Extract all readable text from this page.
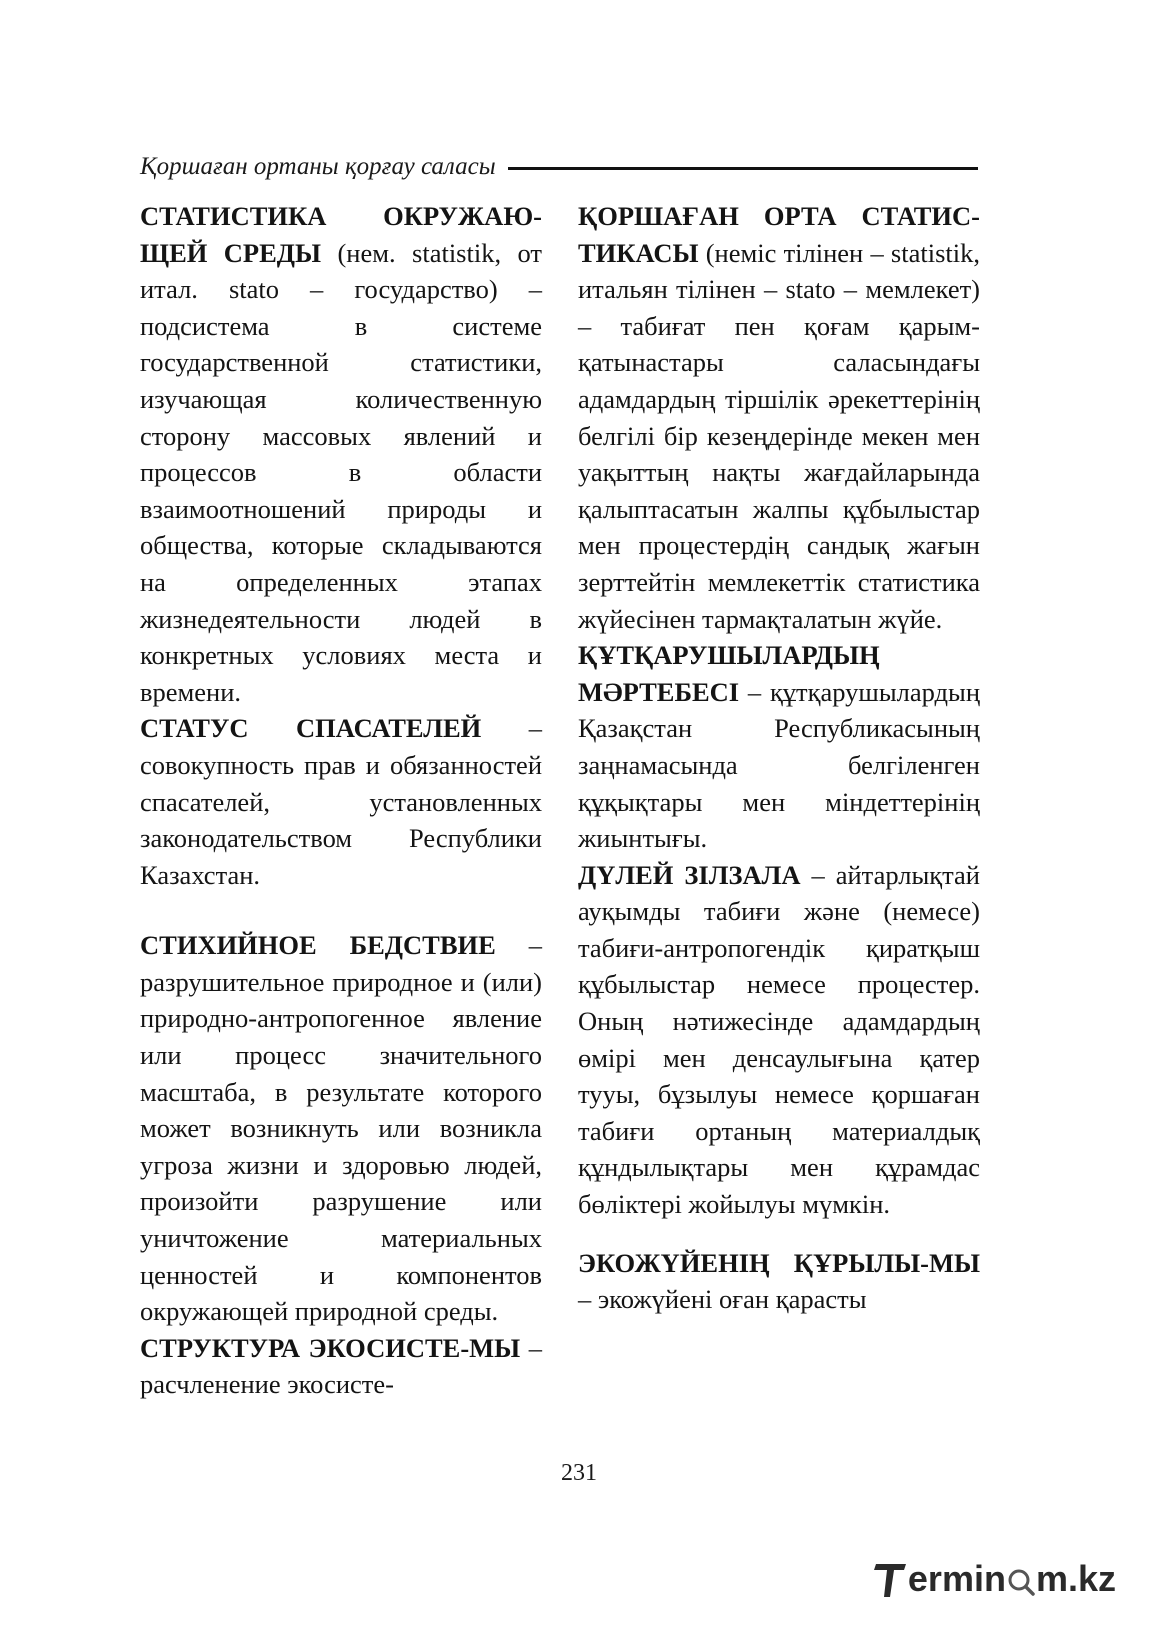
Қоршаған ортаны қорғау саласы

СТАТИСТИКА ОКРУЖАЮ-ЩЕЙ СРЕДЫ (нем. statistik, от итал. stato – государство) – подсистема в системе государственной статистики, изучающая количественную сторону массовых явлений и процессов в области взаимоотношений природы и общества, которые складываются на определенных этапах жизнедеятельности людей в конкретных условиях места и времени.

СТАТУС СПАСАТЕЛЕЙ – совокупность прав и обязанностей спасателей, установленных законодательством Республики Казахстан.

СТИХИЙНОЕ БЕДСТВИЕ – разрушительное природное и (или) природно-антропогенное явление или процесс значительного масштаба, в результате которого может возникнуть или возникла угроза жизни и здоровью людей, произойти разрушение или уничтожение материальных ценностей и компонентов окружающей природной среды.

СТРУКТУРА ЭКОСИСТЕ-МЫ – расчленение экосисте-

ҚОРШАҒАН ОРТА СТАТИС-ТИКАСЫ (неміс тілінен – statistik, итальян тілінен – stato – мемлекет) – табиғат пен қоғам қарым-қатынастары саласындағы адамдардың тіршілік әрекеттерінің белгілі бір кезеңдерінде мекен мен уақыттың нақты жағдайларында қалыптасатын жалпы құбылыстар мен процестердің сандық жағын зерттейтін мемлекеттік статистика жүйесінен тармақталатын жүйе.

ҚҰТҚАРУШЫЛАРДЫҢ МӘРТЕБЕСІ – құтқарушылардың Қазақстан Республикасының заңнамасында белгіленген құқықтары мен міндеттерінің жиынтығы.

ДҮЛЕЙ ЗІЛЗАЛА – айтарлықтай ауқымды табиғи және (немесе) табиғи-антропогендік қиратқыш құбылыстар немесе процестер. Оның нәтижесінде адамдардың өмірі мен денсаулығына қатер тууы, бұзылуы немесе қоршаған табиғи ортаның материалдық құндылықтары мен құрамдас бөліктері жойылуы мүмкін.

ЭКОЖҮЙЕНІҢ ҚҰРЫЛЫ-МЫ – экожүйені оған қарасты

231
ermin m.kz
